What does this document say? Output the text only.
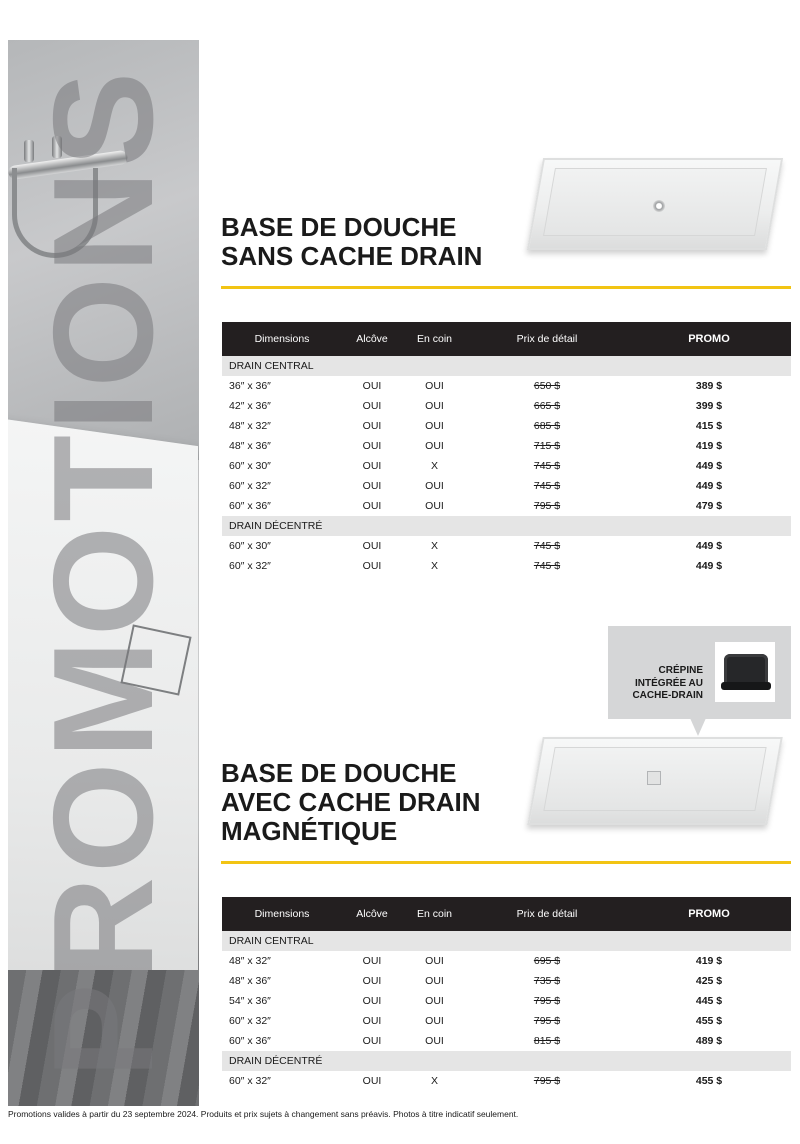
PROMOTIONS BASE DE DOUCHE
SANS CACHE DRAIN
Dimensions	Alcôve	En coin	Prix de détail	PROMO
DRAIN CENTRAL				
36″ x 36″	OUI	OUI	650 $	389 $
42″ x 36″	OUI	OUI	665 $	399 $
48″ x 32″	OUI	OUI	685 $	415 $
48″ x 36″	OUI	OUI	715 $	419 $
60″ x 30″	OUI	X	745 $	449 $
60″ x 32″	OUI	OUI	745 $	449 $
60″ x 36″	OUI	OUI	795 $	479 $
DRAIN DÉCENTRÉ				
60″ x 30″	OUI	X	745 $	449 $
60″ x 32″	OUI	X	745 $	449 $
CRÉPINE
INTÉGRÉE AU
CACHE-DRAIN
BASE DE DOUCHE
AVEC CACHE DRAIN
MAGNÉTIQUE
Dimensions	Alcôve	En coin	Prix de détail	PROMO
DRAIN CENTRAL				
48″ x 32″	OUI	OUI	695 $	419 $
48″ x 36″	OUI	OUI	735 $	425 $
54″ x 36″	OUI	OUI	795 $	445 $
60″ x 32″	OUI	OUI	795 $	455 $
60″ x 36″	OUI	OUI	815 $	489 $
DRAIN DÉCENTRÉ				
60″ x 32″	OUI	X	795 $	455 $
Promotions valides à partir du 23 septembre 2024. Produits et prix sujets à changement sans préavis. Photos à titre indicatif seulement.
